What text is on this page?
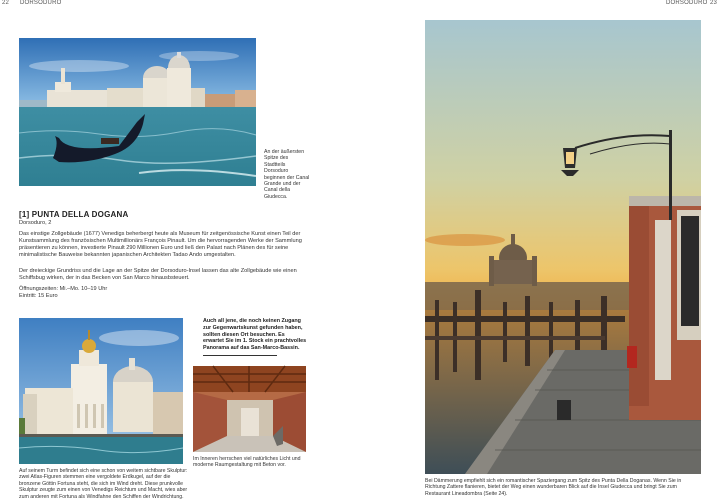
22 DORSODURO
An der äußersten Spitze des Stadtteils Dorsoduro beginnen der Canal Grande und der Canal della Giudecca.
[1] PUNTA DELLA DOGANA
Dorsoduro, 2
Das einstige Zollgebäude (1677) Venedigs beherbergt heute als Museum für zeitgenössische Kunst einen Teil der Kunstsammlung des französischen Multimillionärs François Pinault. Um die hervorragenden Werke der Sammlung präsentieren zu können, investierte Pinault 290 Millionen Euro und ließ den Palast nach Plänen des für seine minimalistische Bauweise bekannten japanischen Architekten Tadao Ando umgestalten.
Der dreieckige Grundriss und die Lage an der Spitze der Dorsoduro-Insel lassen das alte Zollgebäude wie einen Schiffsbug wirken, der in das Becken von San Marco hinausbsteuert.
Öffnungszeiten: Mi.–Mo. 10–19 Uhr
Eintritt: 15 Euro
Auf seinem Turm befindet sich eine schon von weitem sichtbare Skulptur: zwei Atlas-Figuren stemmen eine vergoldete Erdkugel, auf der die bronzene Göttin Fortuna steht, die sich im Wind dreht. Diese prunkvolle Skulptur zeugte zum einen von Venedigs Reichtum und Macht, wies aber zum anderen mit Fortuna als Windfahne den Schiffen der Windrichtung.
Auch all jene, die noch keinen Zugang zur Gegenwartskunst gefunden haben, sollten diesen Ort besuchen. Es erwartet Sie im 1. Stock ein prachtvolles Panorama auf das San-Marco-Bassin.
Im Inneren herrschen viel natürliches Licht und moderne Raumgestaltung mit Beton vor.
DORSODURO 23
Bei Dämmerung empfiehlt sich ein romantischer Spaziergang zum Spitz des Punta Della Doganas. Wenn Sie in Richtung Zattere flanieren, bietet der Weg einen wunderbaren Blick auf die Insel Giudecca und bringt Sie zum Restaurant Lineadombra (Seite 24).
